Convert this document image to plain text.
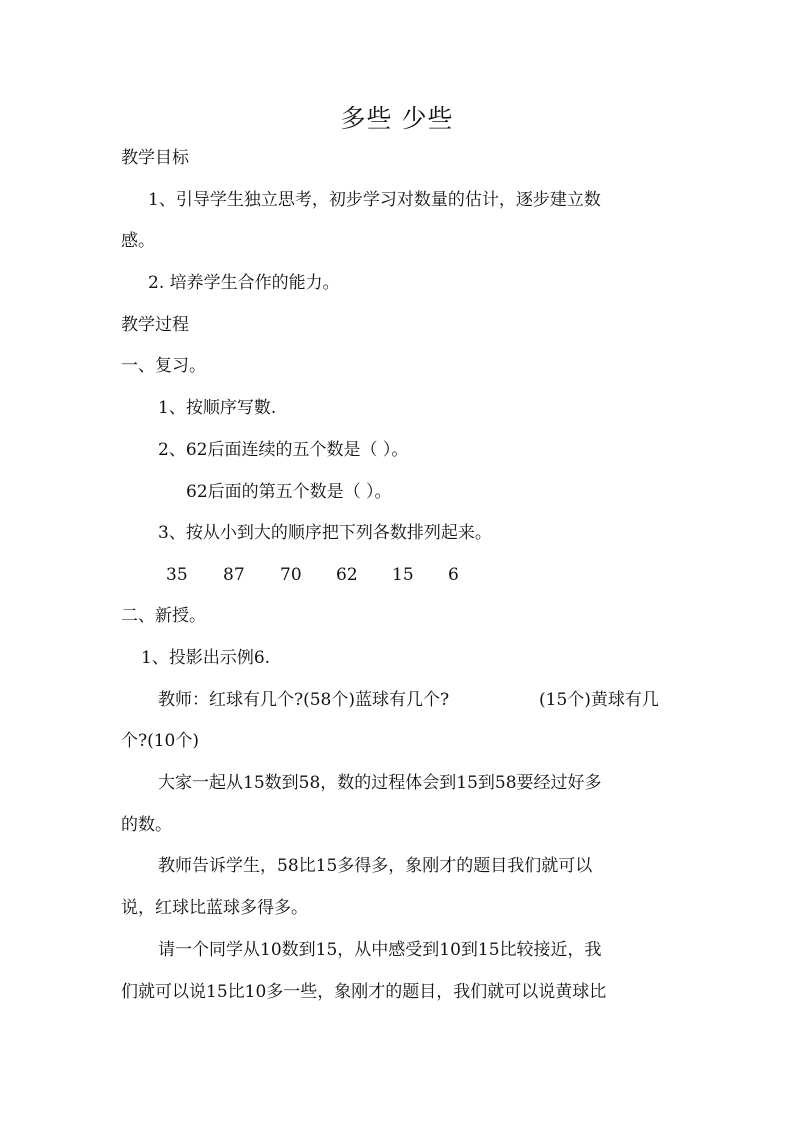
多些 少些
教学目标
1、引导学生独立思考，初步学习对数量的估计，逐步建立数
感。
2. 培养学生合作的能力。
教学过程
一、复习。
1、按顺序写數.
2、62后面连续的五个数是（ ）。
62后面的第五个数是（ ）。
3、按从小到大的顺序把下列各数排列起来。
35 87 70 62 15 6
二、新授。
1、投影出示例6.
教师：红球有几个?(58个)蓝球有几个?	(15个)黄球有几
个?(10个)
大家一起从15数到58，数的过程体会到15到58要经过好多
的数。
教师告诉学生，58比15多得多，象刚才的题目我们就可以
说，红球比蓝球多得多。
请一个同学从10数到15，从中感受到10到15比较接近，我
们就可以说15比10多一些，象刚才的题目，我们就可以说黄球比
